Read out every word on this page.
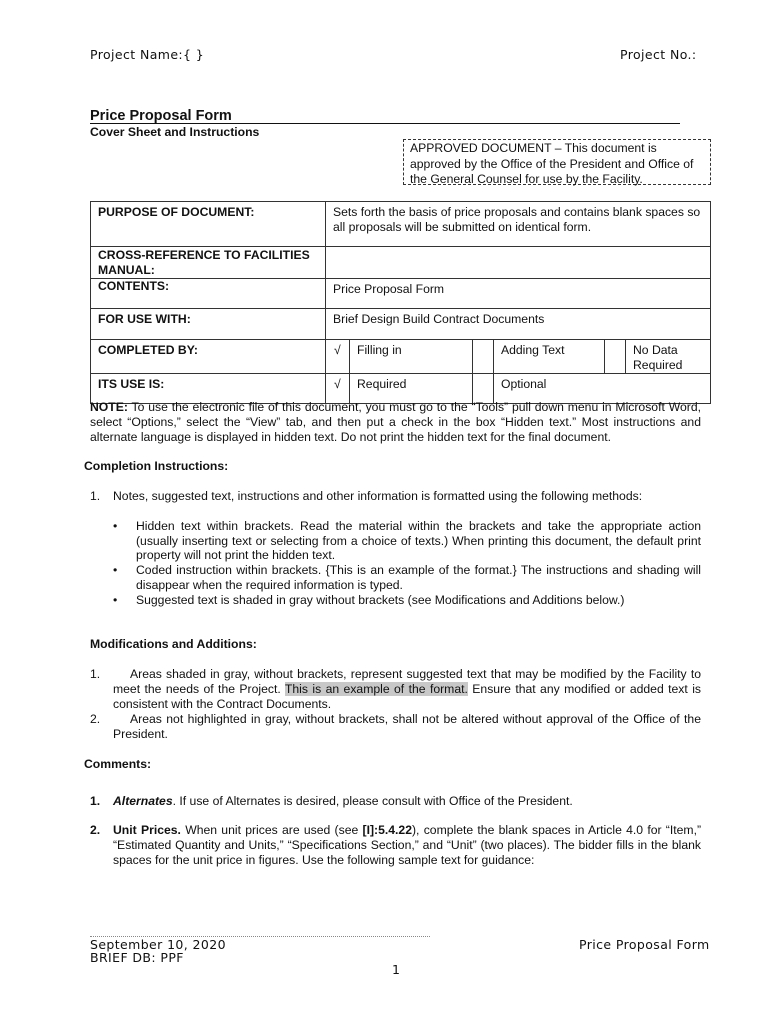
Project Name:{ }	Project No.:
Price Proposal Form
Cover Sheet and Instructions
APPROVED DOCUMENT – This document is approved by the Office of the President and Office of the General Counsel for use by the Facility.
PURPOSE OF DOCUMENT:	Sets forth the basis of price proposals and contains blank spaces so all proposals will be submitted on identical form.					
CROSS-REFERENCE TO FACILITIES MANUAL:						
CONTENTS:	Price Proposal Form					
FOR USE WITH:	Brief Design Build Contract Documents					
COMPLETED BY:	√	Filling in		Adding Text		No Data Required
ITS USE IS:	√	Required		Optional		
NOTE: To use the electronic file of this document, you must go to the “Tools” pull down menu in Microsoft Word, select “Options,” select the “View” tab, and then put a check in the box “Hidden text.” Most instructions and alternate language is displayed in hidden text. Do not print the hidden text for the final document.
Completion Instructions:
1. Notes, suggested text, instructions and other information is formatted using the following methods:
• Hidden text within brackets. Read the material within the brackets and take the appropriate action (usually inserting text or selecting from a choice of texts.) When printing this document, the default print property will not print the hidden text.
• Coded instruction within brackets. {This is an example of the format.} The instructions and shading will disappear when the required information is typed.
• Suggested text is shaded in gray without brackets (see Modifications and Additions below.)
Modifications and Additions:
1.	Areas shaded in gray, without brackets, represent suggested text that may be modified by the Facility to meet the needs of the Project. This is an example of the format. Ensure that any modified or added text is consistent with the Contract Documents.
2.	Areas not highlighted in gray, without brackets, shall not be altered without approval of the Office of the President.
Comments:
1. Alternates. If use of Alternates is desired, please consult with Office of the President.
2. Unit Prices. When unit prices are used (see [I]:5.4.22), complete the blank spaces in Article 4.0 for “Item,” “Estimated Quantity and Units,” “Specifications Section,” and “Unit” (two places). The bidder fills in the blank spaces for the unit price in figures. Use the following sample text for guidance:
September 10, 2020
BRIEF DB: PPF
Price Proposal Form
1
